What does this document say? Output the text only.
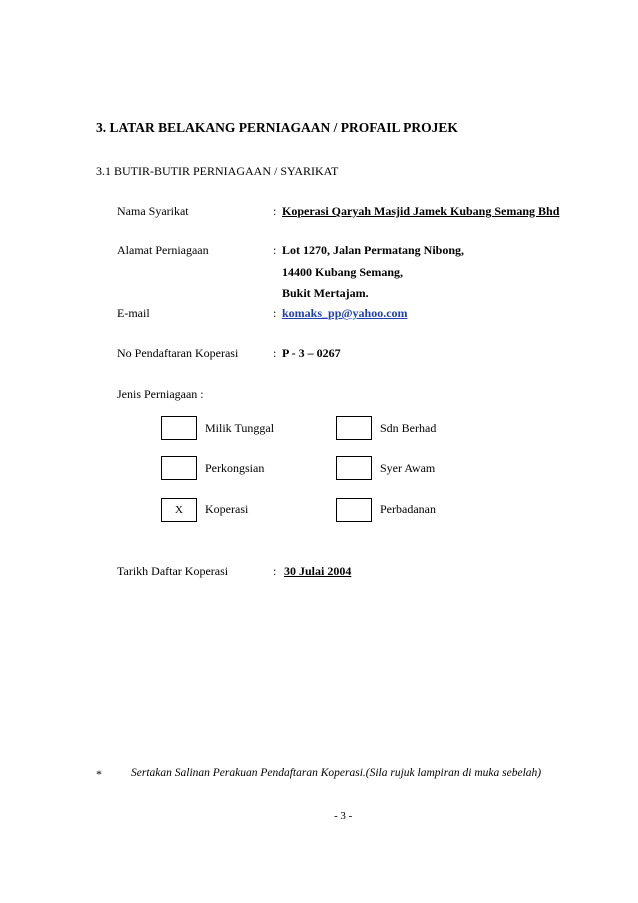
3. LATAR BELAKANG PERNIAGAAN / PROFAIL PROJEK
3.1 BUTIR-BUTIR PERNIAGAAN / SYARIKAT
Nama Syarikat	: Koperasi Qaryah Masjid Jamek Kubang Semang Bhd
Alamat Perniagaan	: Lot 1270, Jalan Permatang Nibong,
14400 Kubang Semang,
Bukit Mertajam.
E-mail	: komaks_pp@yahoo.com
No Pendaftaran Koperasi	: P - 3 – 0267
Jenis Perniagaan :
Milik Tunggal	Sdn Berhad
Perkongsian	Syer Awam
X	Koperasi	Perbadanan
Tarikh Daftar Koperasi	: 30 Julai 2004
*	Sertakan Salinan Perakuan Pendaftaran Koperasi.(Sila rujuk lampiran di muka sebelah)
- 3 -
